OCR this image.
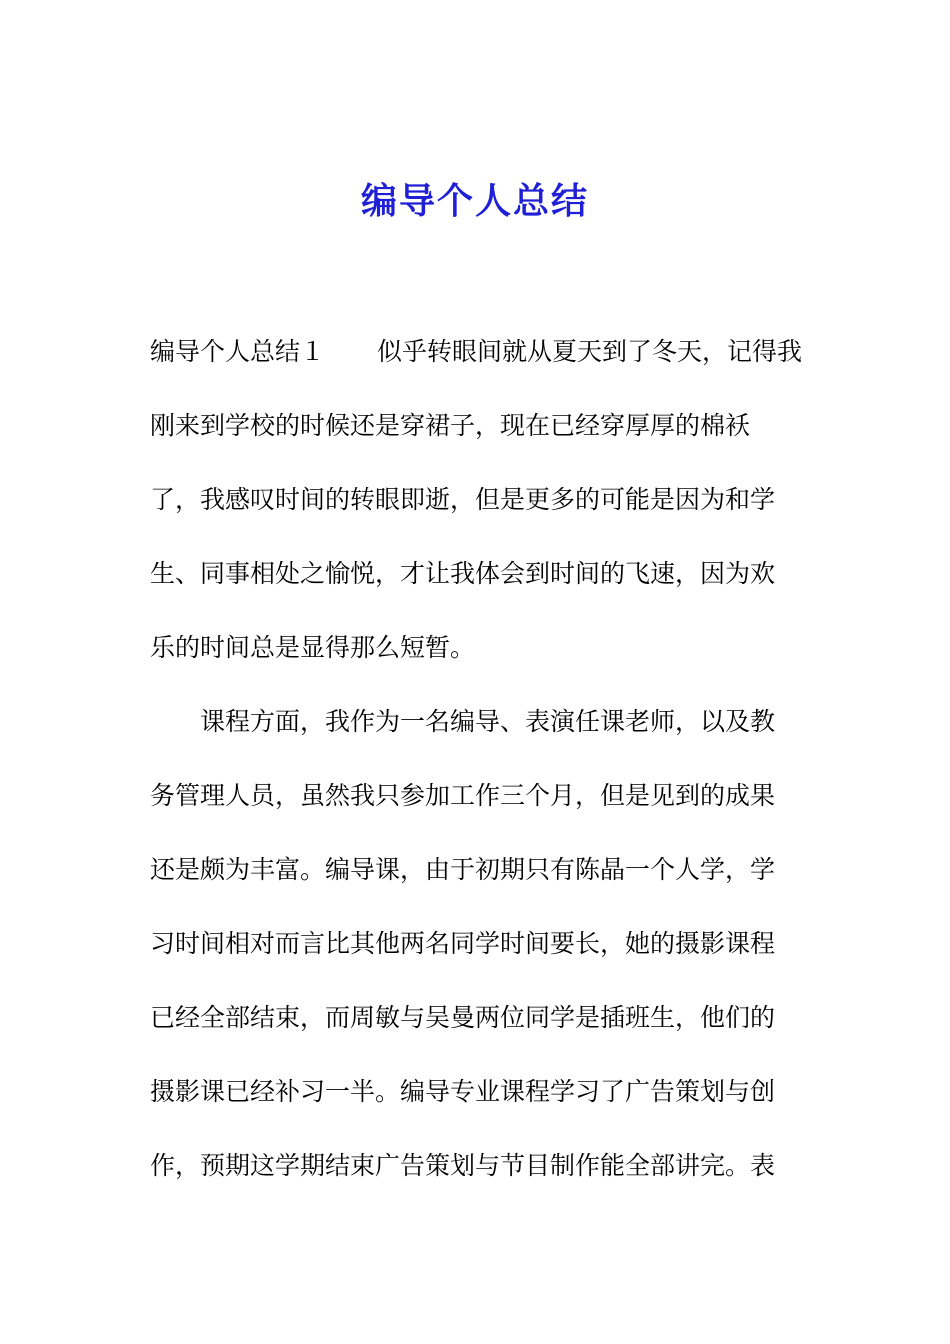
编导个人总结

编导个人总结１ 似乎转眼间就从夏天到了冬天，记得我

刚来到学校的时候还是穿裙子，现在已经穿厚厚的棉袄

了，我感叹时间的转眼即逝，但是更多的可能是因为和学

生、同事相处之愉悦，才让我体会到时间的飞速，因为欢

乐的时间总是显得那么短暂。

　　课程方面，我作为一名编导、表演任课老师，以及教

务管理人员，虽然我只参加工作三个月，但是见到的成果

还是颇为丰富。编导课，由于初期只有陈晶一个人学，学

习时间相对而言比其他两名同学时间要长，她的摄影课程

已经全部结束，而周敏与吴曼两位同学是插班生，他们的

摄影课已经补习一半。编导专业课程学习了广告策划与创

作，预期这学期结束广告策划与节目制作能全部讲完。表
